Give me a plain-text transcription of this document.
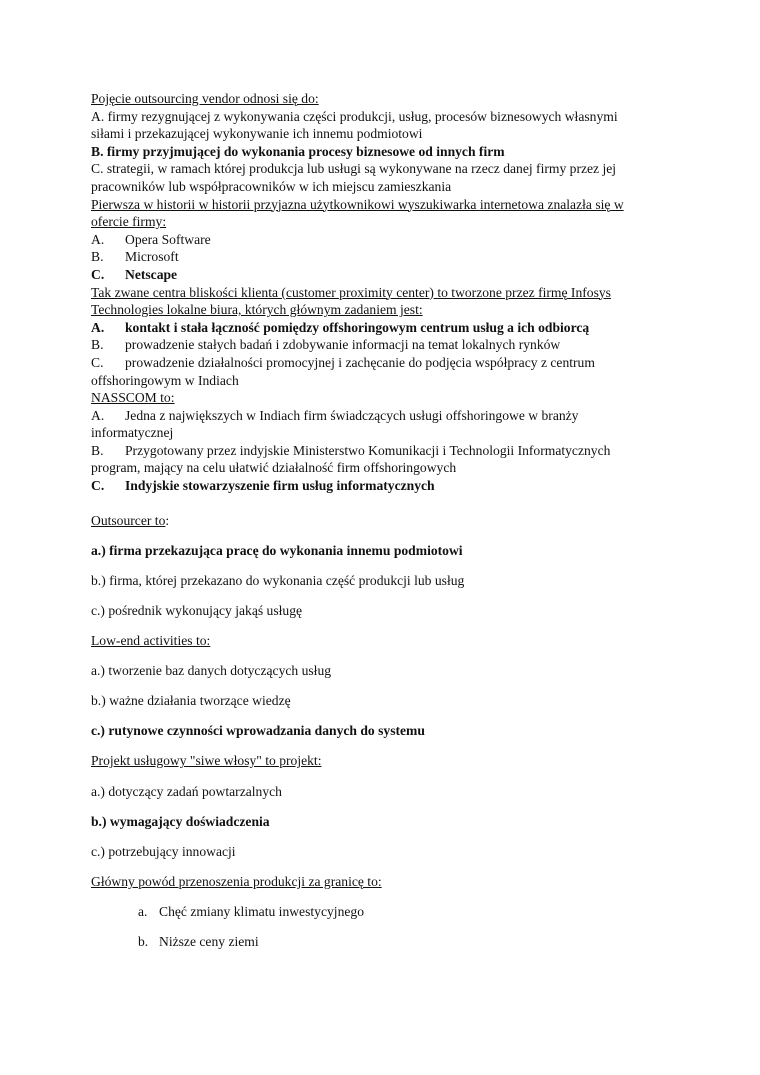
Pojęcie outsourcing vendor odnosi się do:
A. firmy rezygnującej z wykonywania części produkcji, usług, procesów biznesowych własnymi
siłami i przekazującej wykonywanie ich innemu podmiotowi
B. firmy przyjmującej do wykonania procesy biznesowe od innych firm
C. strategii, w ramach której produkcja lub usługi są wykonywane na rzecz danej firmy przez jej
pracowników lub współpracowników w ich miejscu zamieszkania
Pierwsza w historii w historii przyjazna użytkownikowi wyszukiwarka internetowa znalazła się w
ofercie firmy:
A. Opera Software
B. Microsoft
C. Netscape
Tak zwane centra bliskości klienta (customer proximity center) to tworzone przez firmę Infosys
Technologies lokalne biura, których głównym zadaniem jest:
A. kontakt i stała łączność pomiędzy offshoringowym centrum usług a ich odbiorcą
B. prowadzenie stałych badań i zdobywanie informacji na temat lokalnych rynków
C. prowadzenie działalności promocyjnej i zachęcanie do podjęcia współpracy z centrum
offshoringowym w Indiach
NASSCOM to:
A. Jedna z największych w Indiach firm świadczących usługi offshoringowe w branży
informatycznej
B. Przygotowany przez indyjskie Ministerstwo Komunikacji i Technologii Informatycznych
program, mający na celu ułatwić działalność firm offshoringowych
C. Indyjskie stowarzyszenie firm usług informatycznych
Outsourcer to:
a.) firma przekazująca pracę do wykonania innemu podmiotowi
b.) firma, której przekazano do wykonania część produkcji lub usług
c.) pośrednik wykonujący jakąś usługę
Low-end activities to:
a.) tworzenie baz danych dotyczących usług
b.) ważne działania tworzące wiedzę
c.) rutynowe czynności wprowadzania danych do systemu
Projekt usługowy "siwe włosy" to projekt:
a.) dotyczący zadań powtarzalnych
b.) wymagający doświadczenia
c.) potrzebujący innowacji
Główny powód przenoszenia produkcji za granicę to:
a. Chęć zmiany klimatu inwestycyjnego
b. Niższe ceny ziemi
